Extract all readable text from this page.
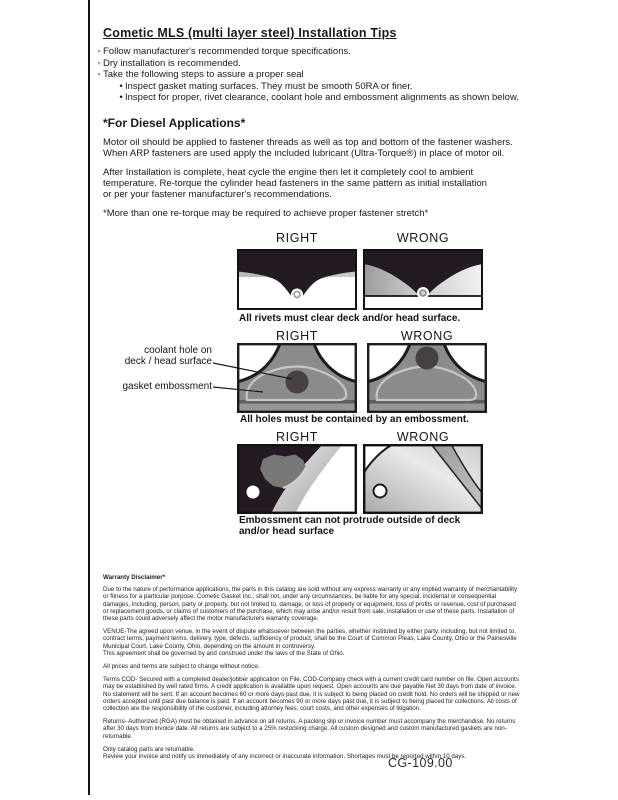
Cometic MLS (multi layer steel) Installation Tips
◦ Follow manufacturer's recommended torque specifications.
◦ Dry installation is recommended.
◦ Take the following steps to assure a proper seal
• Inspect gasket mating surfaces. They must be smooth 50RA or finer.
• Inspect for proper, rivet clearance, coolant hole and embossment alignments as shown below.
*For Diesel Applications*
Motor oil should be applied to fastener threads as well as top and bottom of the fastener washers.
When ARP fasteners are used apply the included lubricant (Ultra-Torque®) in place of motor oil.
After Installation is complete, heat cycle the engine then let it completely cool to ambient
temperature. Re-torque the cylinder head fasteners in the same pattern as initial installation
or per your fastener manufacturer's recommendations.
*More than one re-torque may be required to achieve proper fastener stretch*
RIGHT	WRONG
All rivets must clear deck and/or head surface.
RIGHT	WRONG
coolant hole on
deck / head surface
gasket embossment
All holes must be contained by an embossment.
RIGHT	WRONG
Embossment can not protrude outside of deck
and/or head surface
Warranty Disclaimer*

Due to the nature of performance applications, the parts in this catalog are sold without any express warranty or any implied warranty of merchantability or fitness for a particular purpose. Cometic Gasket Inc., shall not, under any circumstances, be liable for any special, incidental or consequential damages, including, person, party or property, but not limited to, damage, or loss of property or equipment, loss of profits or revenue, cost of purchased or replacement goods, or claims of customers of the purchase, which may arise and/or result from sale, installation or use of these parts. Installation of these parts could adversely affect the motor manufacturers warranty coverage.

VENUE-The agreed upon venue, in the event of dispute whatsoever between the parties, whether instituted by either party, including, but not limited to, contract terms, payment terms, delivery, type, defects, sufficiency of product, shall be the Court of Common Pleas, Lake County, Ohio or the Painesville Municipal Court, Lake County, Ohio, depending on the amount in controversy.

This agreement shall be governed by and construed under the laws of the State of Ohio.

All prices and terms are subject to change without notice.

Terms COD- Secured with a completed dealer/jobber application on File, COD-Company check with a current credit card number on file. Open accounts may be established by well rated firms. A credit application is available upon request. Open accounts are due payable Net 30 days from date of invoice. No statement will be sent. If an account becomes 60 or more days past due, it is subject to being placed on credit hold. No orders will be shipped or new orders accepted until past due balance is paid. If an account becomes 90 or more days past due, it is subject to being placed for collections. All costs of collection are the responsibility of the customer, including attorney fees, court costs, and other expenses of litigation.

Returns- Authorized (RGA) must be obtained in advance on all returns. A packing slip or invoice number must accompany the merchandise. No returns after 30 days from invoice date. All returns are subject to a 25% restocking charge. All custom designed and custom manufactured gaskets are non-returnable.

Only catalog parts are returnable.

Review your invoice and notify us immediately of any incorrect or inaccurate information. Shortages must be reported within 10 days.

CG-109.00
